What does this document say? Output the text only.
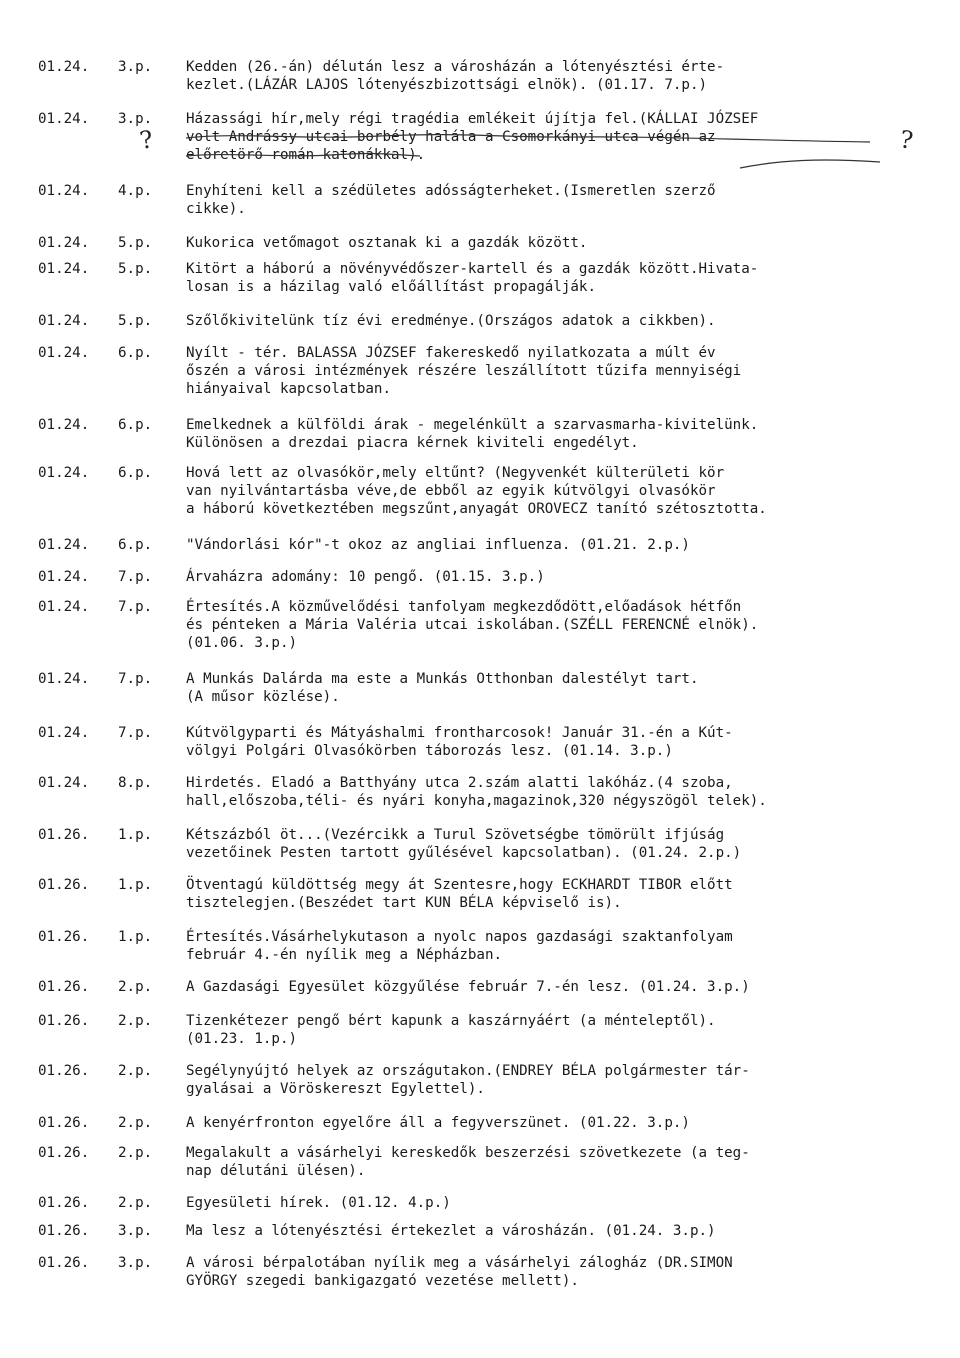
01.24.	3.p.	Kedden (26.-án) délután lesz a városházán a lótenyésztési érte-
kezlet.(LÁZÁR LAJOS lótenyészbizottsági elnök). (01.17. 7.p.)
01.24.	3.p.	Házassági hír,mely régi tragédia emlékeit újítja fel.(KÁLLAI JÓZSEF
volt Andrássy utcai borbély halála a Csomorkányi utca végén az
előretörő román katonákkal).
01.24.	4.p.	Enyhíteni kell a szédületes adósságterheket.(Ismeretlen szerző
cikke).
01.24.	5.p.	Kukorica vetőmagot osztanak ki a gazdák között.
01.24.	5.p.	Kitört a háború a növényvédőszer-kartell és a gazdák között.Hivata-
losan is a házilag való előállítást propagálják.
01.24.	5.p.	Szőlőkivitelünk tíz évi eredménye.(Országos adatok a cikkben).
01.24.	6.p.	Nyílt - tér. BALASSA JÓZSEF fakereskedő nyilatkozata a múlt év
őszén a városi intézmények részére leszállított tűzifa mennyiségi
hiányaival kapcsolatban.
01.24.	6.p.	Emelkednek a külföldi árak - megelénkült a szarvasmarha-kivitelünk.
Különösen a drezdai piacra kérnek kiviteli engedélyt.
01.24.	6.p.	Hová lett az olvasókör,mely eltűnt? (Negyvenkét külterületi kör
van nyilvántartásba véve,de ebből az egyik kútvölgyi olvasókör
a háború következtében megszűnt,anyagát OROVECZ tanító szétosztotta.
01.24.	6.p.	"Vándorlási kór"-t okoz az angliai influenza. (01.21. 2.p.)
01.24.	7.p.	Árvaházra adomány: 10 pengő. (01.15. 3.p.)
01.24.	7.p.	Értesítés.A közművelődési tanfolyam megkezdődött,előadások hétfőn
és pénteken a Mária Valéria utcai iskolában.(SZÉLL FERENCNÉ elnök).
(01.06. 3.p.)
01.24.	7.p.	A Munkás Dalárda ma este a Munkás Otthonban dalestélyt tart.
(A műsor közlése).
01.24.	7.p.	Kútvölgyparti és Mátyáshalmi frontharcosok! Január 31.-én a Kút-
völgyi Polgári Olvasókörben táborozás lesz. (01.14. 3.p.)
01.24.	8.p.	Hirdetés. Eladó a Batthyány utca 2.szám alatti lakóház.(4 szoba,
hall,előszoba,téli- és nyári konyha,magazinok,320 négyszögöl telek).
01.26.	1.p.	Kétszázból öt...(Vezércikk a Turul Szövetségbe tömörült ifjúság
vezetőinek Pesten tartott gyűlésével kapcsolatban). (01.24. 2.p.)
01.26.	1.p.	Ötventagú küldöttség megy át Szentesre,hogy ECKHARDT TIBOR előtt
tisztelegjen.(Beszédet tart KUN BÉLA képviselő is).
01.26.	1.p.	Értesítés.Vásárhelykutason a nyolc napos gazdasági szaktanfolyam
február 4.-én nyílik meg a Népházban.
01.26.	2.p.	A Gazdasági Egyesület közgyűlése február 7.-én lesz. (01.24. 3.p.)
01.26.	2.p.	Tizenkétezer pengő bért kapunk a kaszárnyáért (a ménteleptől).
(01.23. 1.p.)
01.26.	2.p.	Segélynyújtó helyek az országutakon.(ENDREY BÉLA polgármester tár-
gyalásai a Vöröskereszt Egylettel).
01.26.	2.p.	A kenyérfronton egyelőre áll a fegyverszünet. (01.22. 3.p.)
01.26.	2.p.	Megalakult a vásárhelyi kereskedők beszerzési szövetkezete (a teg-
nap délutáni ülésen).
01.26.	2.p.	Egyesületi hírek. (01.12. 4.p.)
01.26.	3.p.	Ma lesz a lótenyésztési értekezlet a városházán. (01.24. 3.p.)
01.26.	3.p.	A városi bérpalotában nyílik meg a vásárhelyi zálogház (DR.SIMON
GYÖRGY szegedi bankigazgató vezetése mellett).
?	?
